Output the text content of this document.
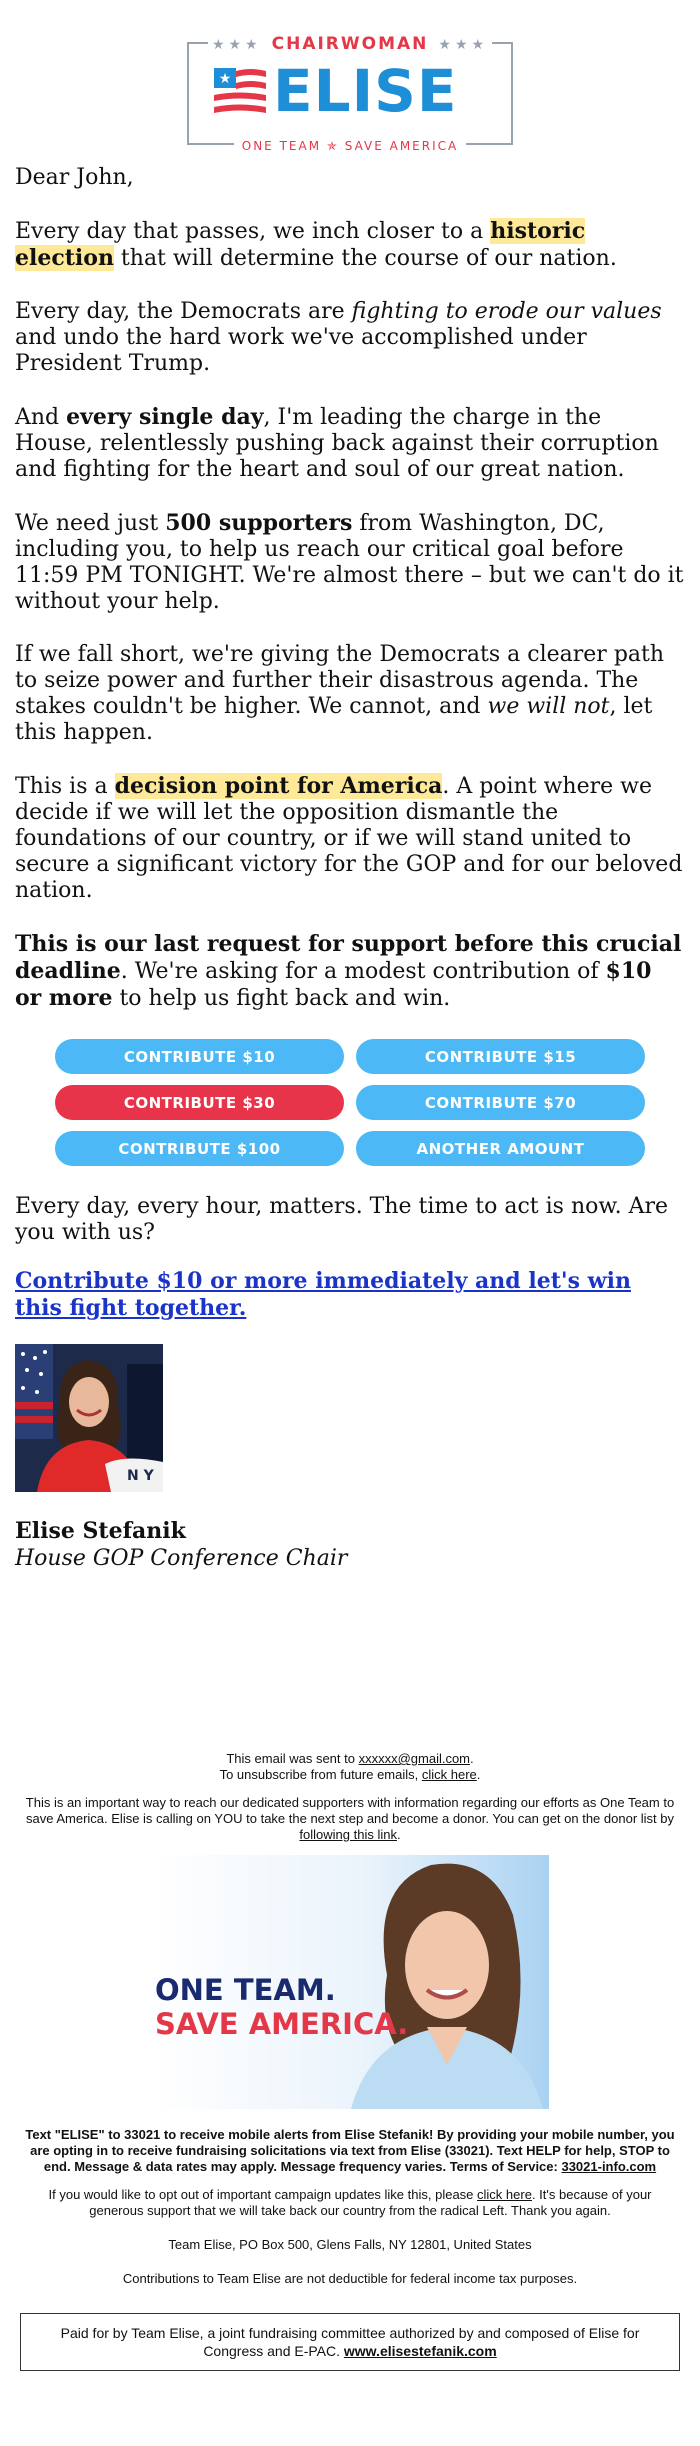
★★★ CHAIRWOMAN ★★★
★ ELISE
ONE TEAM ✯ SAVE AMERICA

Dear John,

Every day that passes, we inch closer to a historic election that will determine the course of our nation.

Every day, the Democrats are fighting to erode our values and undo the hard work we've accomplished under President Trump.

And every single day, I'm leading the charge in the House, relentlessly pushing back against their corruption and fighting for the heart and soul of our great nation.

We need just 500 supporters from Washington, DC, including you, to help us reach our critical goal before 11:59 PM TONIGHT. We're almost there – but we can't do it without your help.

If we fall short, we're giving the Democrats a clearer path to seize power and further their disastrous agenda. The stakes couldn't be higher. We cannot, and we will not, let this happen.

This is a decision point for America. A point where we decide if we will let the opposition dismantle the foundations of our country, or if we will stand united to secure a significant victory for the GOP and for our beloved nation.

This is our last request for support before this crucial deadline. We're asking for a modest contribution of $10 or more to help us fight back and win.

CONTRIBUTE $10	CONTRIBUTE $15
CONTRIBUTE $30	CONTRIBUTE $70
CONTRIBUTE $100	ANOTHER AMOUNT

Every day, every hour, matters. The time to act is now. Are you with us?

Contribute $10 or more immediately and let's win this fight together.
N Y
Elise Stefanik
House GOP Conference Chair

This email was sent to xxxxxx@gmail.com.

To unsubscribe from future emails, click here.

This is an important way to reach our dedicated supporters with information regarding our efforts as One Team to save America. Elise is calling on YOU to take the next step and become a donor. You can get on the donor list by following this link.

ONE TEAM.
SAVE AMERICA.

Text "ELISE" to 33021 to receive mobile alerts from Elise Stefanik! By providing your mobile number, you are opting in to receive fundraising solicitations via text from Elise (33021). Text HELP for help, STOP to end. Message & data rates may apply. Message frequency varies. Terms of Service: 33021-info.com

If you would like to opt out of important campaign updates like this, please click here. It's because of your generous support that we will take back our country from the radical Left. Thank you again.

Team Elise, PO Box 500, Glens Falls, NY 12801, United States

Contributions to Team Elise are not deductible for federal income tax purposes.

Paid for by Team Elise, a joint fundraising committee authorized by and composed of Elise for Congress and E-PAC. www.elisestefanik.com
